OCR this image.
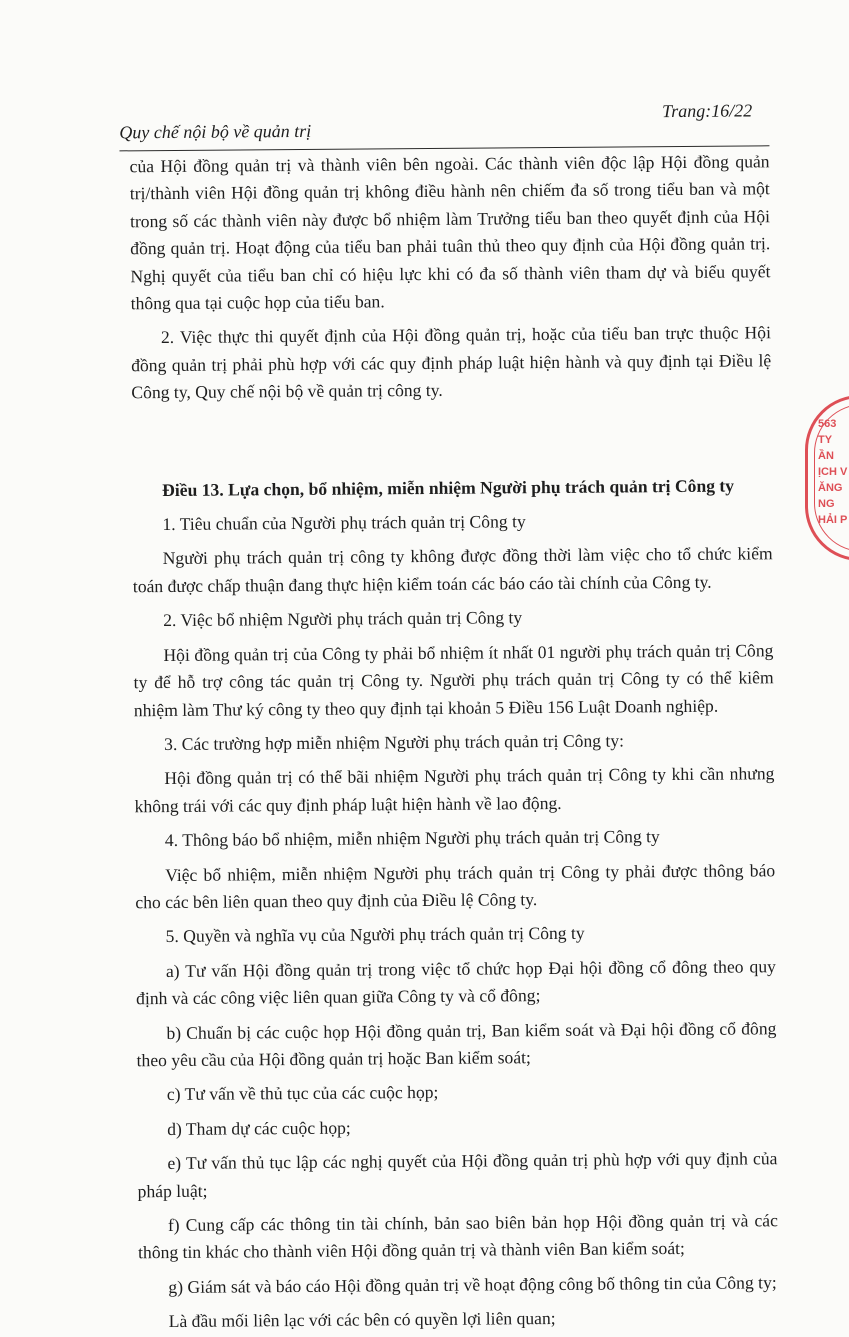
Trang:16/22
Quy chế nội bộ về quản trị

của Hội đồng quản trị và thành viên bên ngoài. Các thành viên độc lập Hội đồng quản trị/thành viên Hội đồng quản trị không điều hành nên chiếm đa số trong tiểu ban và một trong số các thành viên này được bổ nhiệm làm Trưởng tiểu ban theo quyết định của Hội đồng quản trị. Hoạt động của tiểu ban phải tuân thủ theo quy định của Hội đồng quản trị. Nghị quyết của tiểu ban chỉ có hiệu lực khi có đa số thành viên tham dự và biểu quyết thông qua tại cuộc họp của tiểu ban.

2. Việc thực thi quyết định của Hội đồng quản trị, hoặc của tiểu ban trực thuộc Hội đồng quản trị phải phù hợp với các quy định pháp luật hiện hành và quy định tại Điều lệ Công ty, Quy chế nội bộ về quản trị công ty.

Điều 13. Lựa chọn, bổ nhiệm, miễn nhiệm Người phụ trách quản trị Công ty

1. Tiêu chuẩn của Người phụ trách quản trị Công ty

Người phụ trách quản trị công ty không được đồng thời làm việc cho tổ chức kiểm toán được chấp thuận đang thực hiện kiểm toán các báo cáo tài chính của Công ty.

2. Việc bổ nhiệm Người phụ trách quản trị Công ty

Hội đồng quản trị của Công ty phải bổ nhiệm ít nhất 01 người phụ trách quản trị Công ty để hỗ trợ công tác quản trị Công ty. Người phụ trách quản trị Công ty có thể kiêm nhiệm làm Thư ký công ty theo quy định tại khoản 5 Điều 156 Luật Doanh nghiệp.

3. Các trường hợp miễn nhiệm Người phụ trách quản trị Công ty:

Hội đồng quản trị có thể bãi nhiệm Người phụ trách quản trị Công ty khi cần nhưng không trái với các quy định pháp luật hiện hành về lao động.

4. Thông báo bổ nhiệm, miễn nhiệm Người phụ trách quản trị Công ty

Việc bổ nhiệm, miễn nhiệm Người phụ trách quản trị Công ty phải được thông báo cho các bên liên quan theo quy định của Điều lệ Công ty.

5. Quyền và nghĩa vụ của Người phụ trách quản trị Công ty

a) Tư vấn Hội đồng quản trị trong việc tổ chức họp Đại hội đồng cổ đông theo quy định và các công việc liên quan giữa Công ty và cổ đông;

b) Chuẩn bị các cuộc họp Hội đồng quản trị, Ban kiểm soát và Đại hội đồng cổ đông theo yêu cầu của Hội đồng quản trị hoặc Ban kiểm soát;

c) Tư vấn về thủ tục của các cuộc họp;

d) Tham dự các cuộc họp;

e) Tư vấn thủ tục lập các nghị quyết của Hội đồng quản trị phù hợp với quy định của pháp luật;

f) Cung cấp các thông tin tài chính, bản sao biên bản họp Hội đồng quản trị và các thông tin khác cho thành viên Hội đồng quản trị và thành viên Ban kiểm soát;

g) Giám sát và báo cáo Hội đồng quản trị về hoạt động công bố thông tin của Công ty;

Là đầu mối liên lạc với các bên có quyền lợi liên quan;

563
TY
ẦN
ỊCH V
ĂNG
NG
HẢI P
